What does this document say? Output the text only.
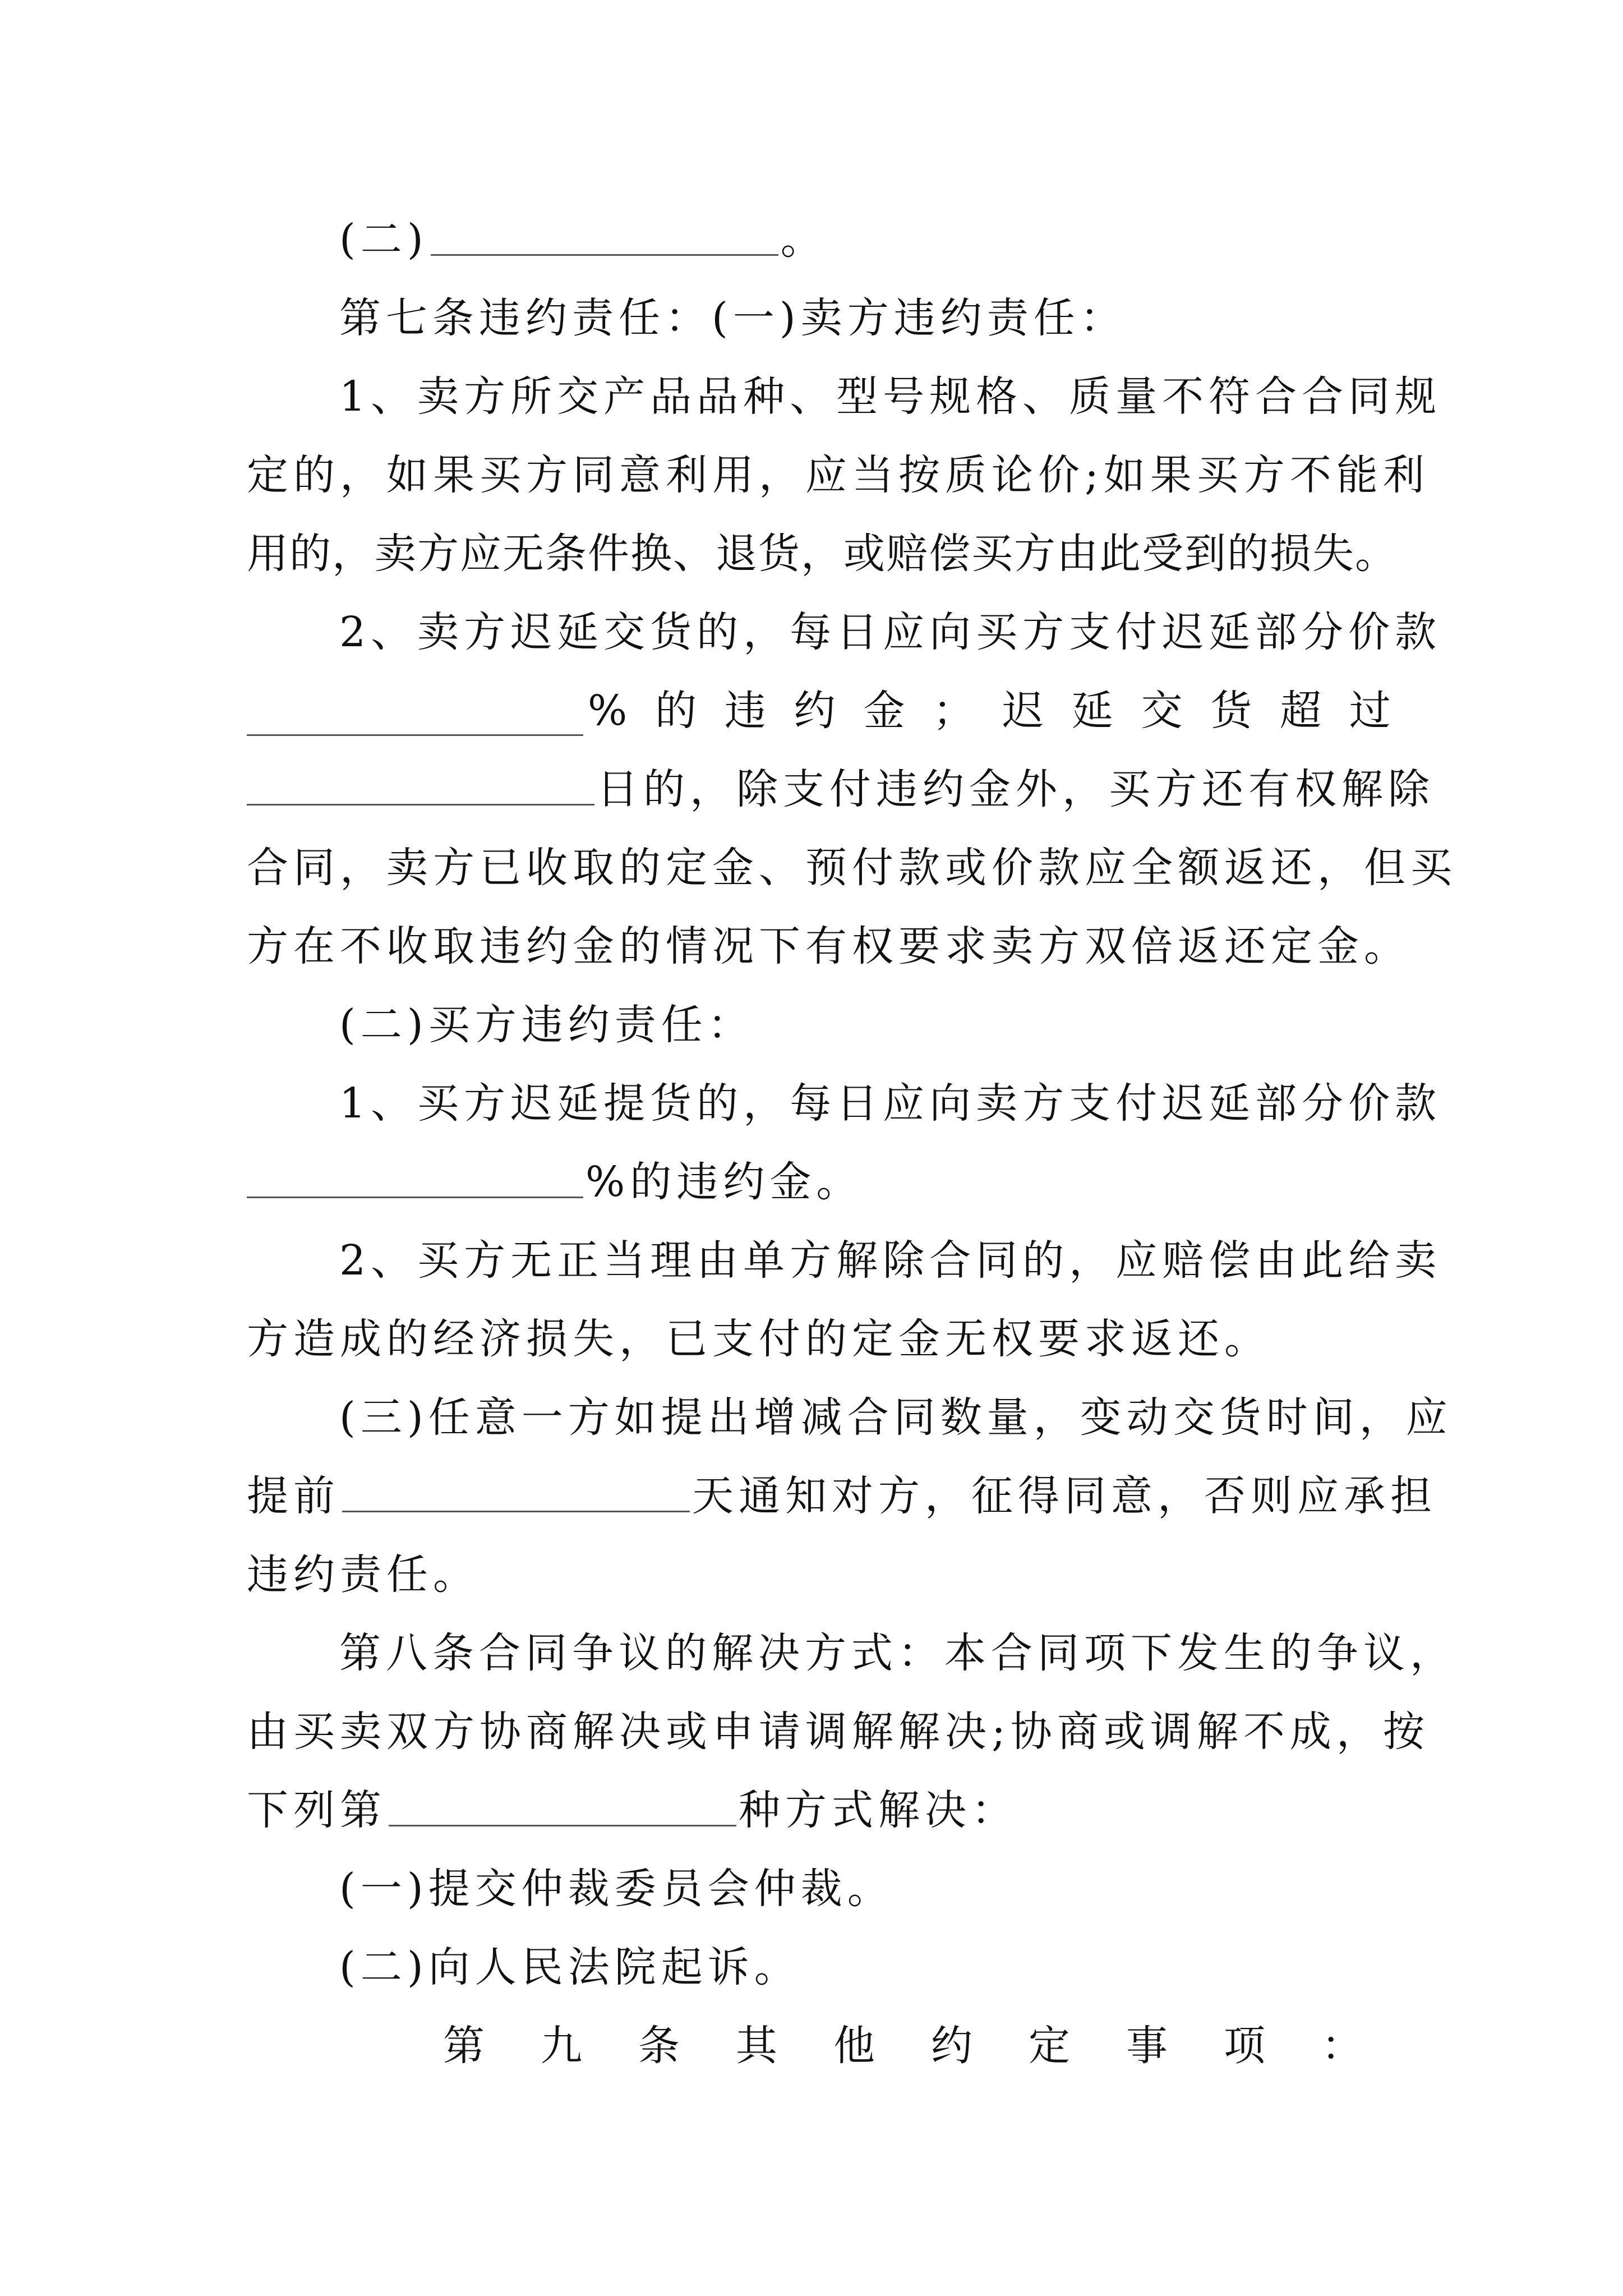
(二)	。
第七条违约责任：(一)卖方违约责任：
1、卖方所交产品品种、型号规格、质量不符合合同规
定的，如果买方同意利用，应当按质论价;如果买方不能利
用的，卖方应无条件换、退货，或赔偿买方由此受到的损失。
2、卖方迟延交货的，每日应向买方支付迟延部分价款
% 的 违 约 金 ； 迟 延 交 货 超 过
日的，除支付违约金外，买方还有权解除
合同，卖方已收取的定金、预付款或价款应全额返还，但买
方在不收取违约金的情况下有权要求卖方双倍返还定金。
(二)买方违约责任：
1、买方迟延提货的，每日应向卖方支付迟延部分价款
%的违约金。
2、买方无正当理由单方解除合同的，应赔偿由此给卖
方造成的经济损失，已支付的定金无权要求返还。
(三)任意一方如提出增减合同数量，变动交货时间，应
提前	天通知对方，征得同意，否则应承担
违约责任。
第八条合同争议的解决方式：本合同项下发生的争议，
由买卖双方协商解决或申请调解解决;协商或调解不成，按
下列第	种方式解决：
(一)提交仲裁委员会仲裁。
(二)向人民法院起诉。
第 九 条 其 他 约 定 事 项 ：
